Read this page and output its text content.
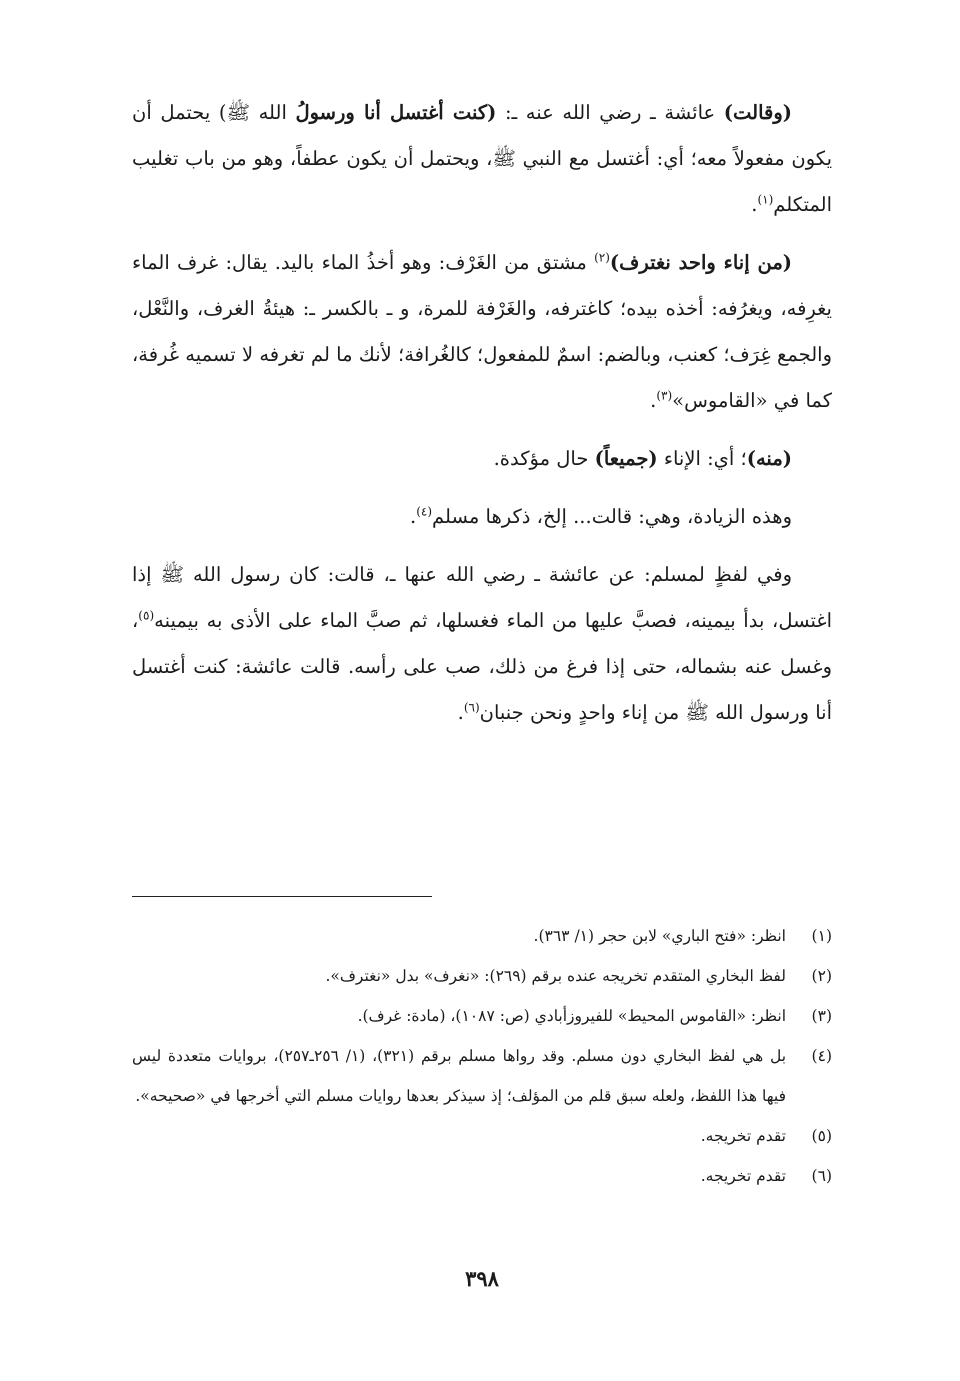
(وقالت) عائشة ـ رضي الله عنه ـ: (كنت أغتسل أنا ورسولُ الله ﷺ) يحتمل أن يكون مفعولاً معه؛ أي: أغتسل مع النبي ﷺ، ويحتمل أن يكون عطفاً، وهو من باب تغليب المتكلم$^{(١)}$.

(من إناء واحد نغترف)$^{(٢)}$ مشتق من الغَرْف: وهو أخذُ الماء باليد. يقال: غرف الماء يغرِفه، ويغرُفه: أخذه بيده؛ كاغترفه، والغَرْفة للمرة، و ـ بالكسر ـ: هيئةُ الغرف، والنَّعْل، والجمع غِرَف؛ كعنب، وبالضم: اسمٌ للمفعول؛ كالغُرافة؛ لأنك ما لم تغرفه لا تسميه غُرفة، كما في «القاموس»$^{(٣)}$.

(منه)؛ أي: الإناء (جميعاً) حال مؤكدة.

وهذه الزيادة، وهي: قالت... إلخ، ذكرها مسلم$^{(٤)}$.

وفي لفظٍ لمسلم: عن عائشة ـ رضي الله عنها ـ، قالت: كان رسول الله ﷺ إذا اغتسل، بدأ بيمينه، فصبَّ عليها من الماء فغسلها، ثم صبَّ الماء على الأذى به بيمينه$^{(٥)}$، وغسل عنه بشماله، حتى إذا فرغ من ذلك، صب على رأسه. قالت عائشة: كنت أغتسل أنا ورسول الله ﷺ من إناء واحدٍ ونحن جنبان$^{(٦)}$.

(١)
انظر: «فتح الباري» لابن حجر (١/ ٣٦٣).
(٢)
لفظ البخاري المتقدم تخريجه عنده برقم (٢٦٩): «نغرف» بدل «نغترف».
(٣)
انظر: «القاموس المحيط» للفيروزأبادي (ص: ١٠٨٧)، (مادة: غرف).
(٤)
بل هي لفظ البخاري دون مسلم. وقد رواها مسلم برقم (٣٢١)، (١/ ٢٥٦ـ٢٥٧)، بروايات متعددة ليس فيها هذا اللفظ، ولعله سبق قلم من المؤلف؛ إذ سيذكر بعدها روايات مسلم التي أخرجها في «صحيحه».
(٥)
تقدم تخريجه.
(٦)
تقدم تخريجه.
٣٩٨
